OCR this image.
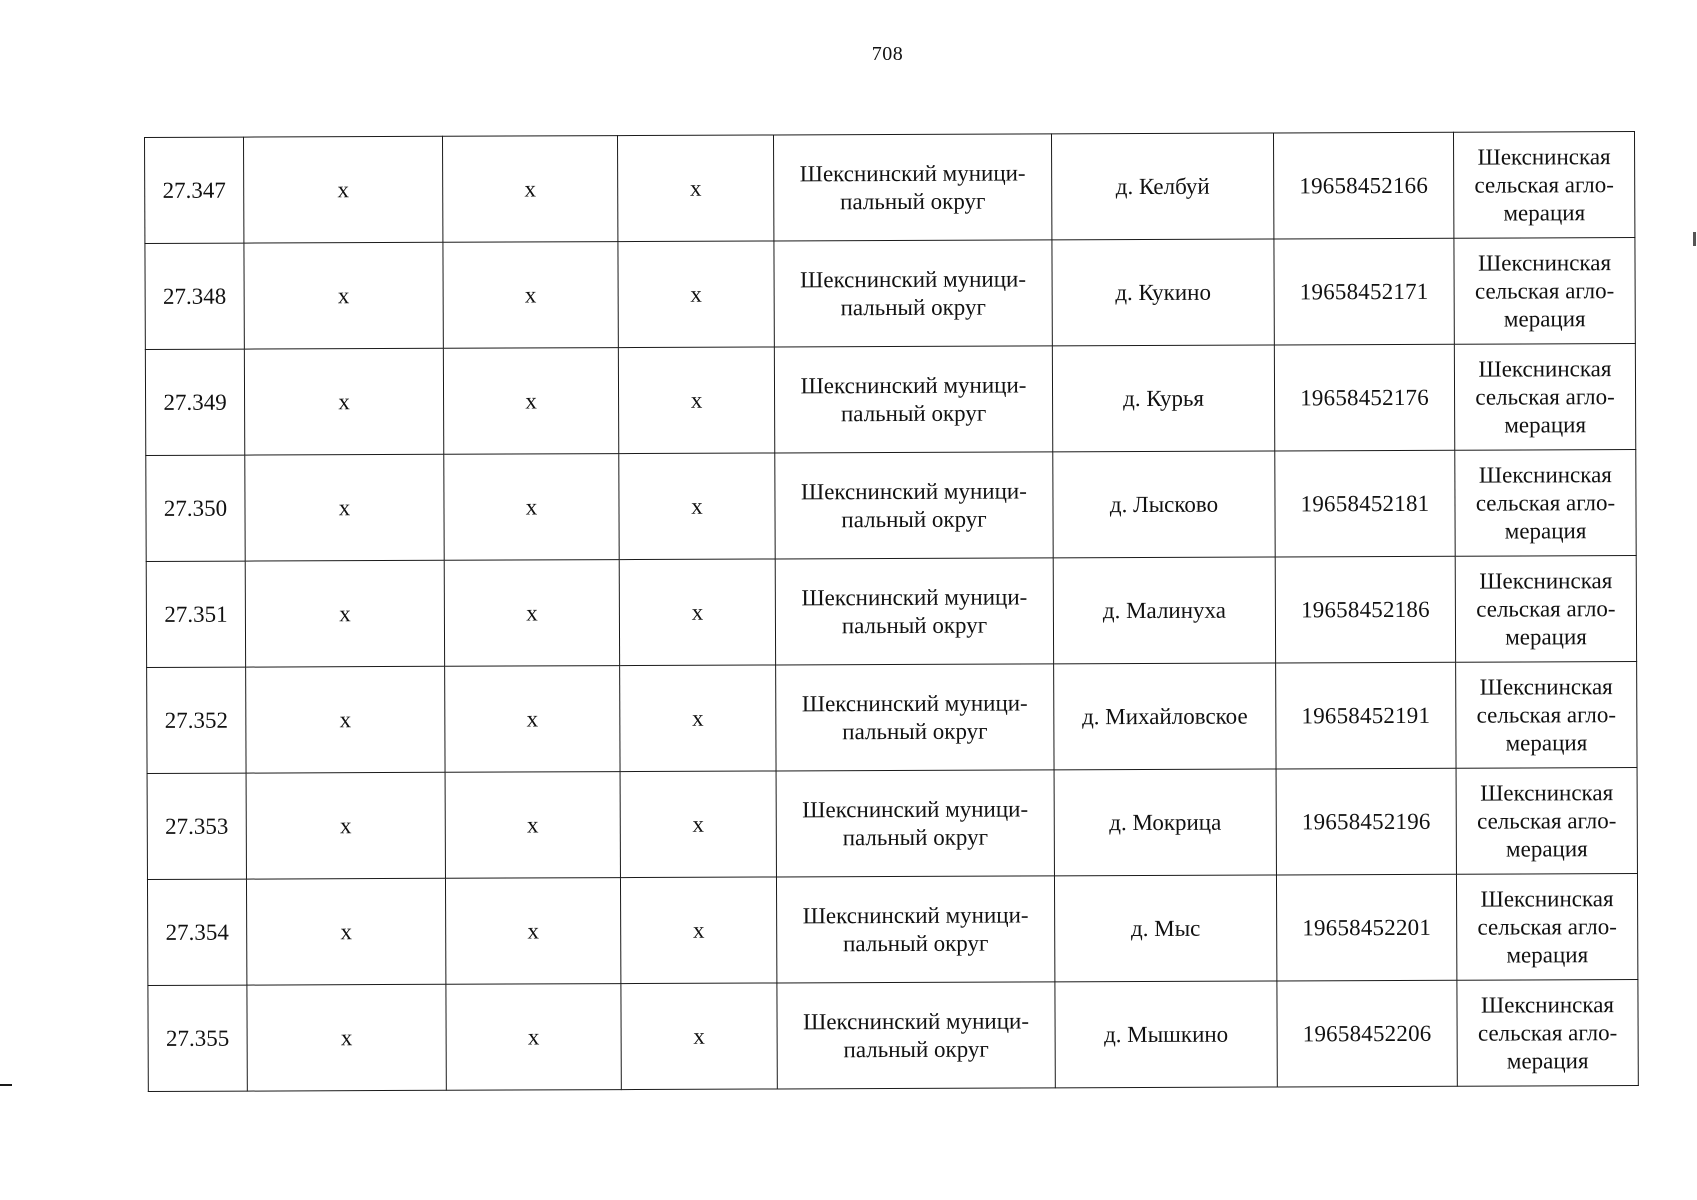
708
27.347	x	x	x	Шекснинский муници-пальный округ	д. Келбуй	19658452166	Шекснинская сельская агло-мерация
27.348	x	x	x	Шекснинский муници-пальный округ	д. Кукино	19658452171	Шекснинская сельская агло-мерация
27.349	x	x	x	Шекснинский муници-пальный округ	д. Курья	19658452176	Шекснинская сельская агло-мерация
27.350	x	x	x	Шекснинский муници-пальный округ	д. Лысково	19658452181	Шекснинская сельская агло-мерация
27.351	x	x	x	Шекснинский муници-пальный округ	д. Малинуха	19658452186	Шекснинская сельская агло-мерация
27.352	x	x	x	Шекснинский муници-пальный округ	д. Михайловское	19658452191	Шекснинская сельская агло-мерация
27.353	x	x	x	Шекснинский муници-пальный округ	д. Мокрица	19658452196	Шекснинская сельская агло-мерация
27.354	x	x	x	Шекснинский муници-пальный округ	д. Мыс	19658452201	Шекснинская сельская агло-мерация
27.355	x	x	x	Шекснинский муници-пальный округ	д. Мышкино	19658452206	Шекснинская сельская агло-мерация
